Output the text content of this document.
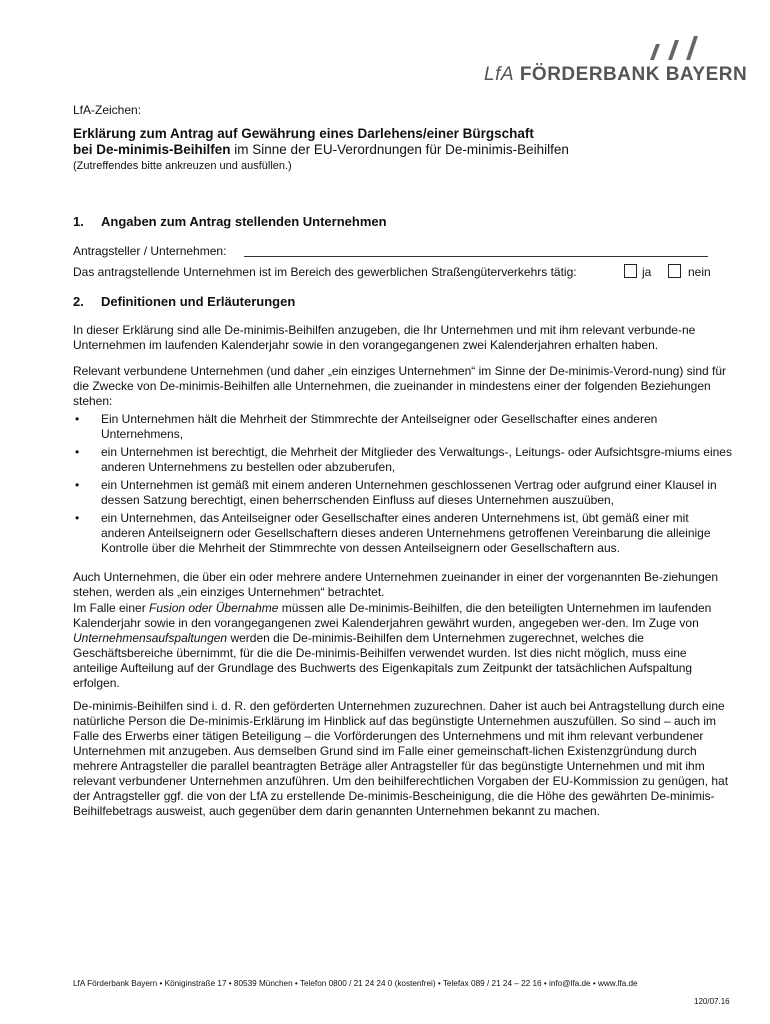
LfA FÖRDERBANK BAYERN
LfA-Zeichen:
Erklärung zum Antrag auf Gewährung eines Darlehens/einer Bürgschaft
bei De-minimis-Beihilfen im Sinne der EU-Verordnungen für De-minimis-Beihilfen
(Zutreffendes bitte ankreuzen und ausfüllen.)
1. Angaben zum Antrag stellenden Unternehmen
Antragsteller / Unternehmen:
Das antragstellende Unternehmen ist im Bereich des gewerblichen Straßengüterverkehrs tätig:	ja	nein
2. Definitionen und Erläuterungen

In dieser Erklärung sind alle De-minimis-Beihilfen anzugeben, die Ihr Unternehmen und mit ihm relevant verbunde-ne Unternehmen im laufenden Kalenderjahr sowie in den vorangegangenen zwei Kalenderjahren erhalten haben.

Relevant verbundene Unternehmen (und daher „ein einziges Unternehmen“ im Sinne der De-minimis-Verord-nung) sind für die Zwecke von De-minimis-Beihilfen alle Unternehmen, die zueinander in mindestens einer der folgenden Beziehungen stehen:

•	Ein Unternehmen hält die Mehrheit der Stimmrechte der Anteilseigner oder Gesellschafter eines anderen Unternehmens,
•	ein Unternehmen ist berechtigt, die Mehrheit der Mitglieder des Verwaltungs-, Leitungs- oder Aufsichtsgre-miums eines anderen Unternehmens zu bestellen oder abzuberufen,
•	ein Unternehmen ist gemäß mit einem anderen Unternehmen geschlossenen Vertrag oder aufgrund einer Klausel in dessen Satzung berechtigt, einen beherrschenden Einfluss auf dieses Unternehmen auszuüben,
•	ein Unternehmen, das Anteilseigner oder Gesellschafter eines anderen Unternehmens ist, übt gemäß einer mit anderen Anteilseignern oder Gesellschaftern dieses anderen Unternehmens getroffenen Vereinbarung die alleinige Kontrolle über die Mehrheit der Stimmrechte von dessen Anteilseignern oder Gesellschaftern aus.

Auch Unternehmen, die über ein oder mehrere andere Unternehmen zueinander in einer der vorgenannten Be-ziehungen stehen, werden als „ein einziges Unternehmen“ betrachtet.

Im Falle einer Fusion oder Übernahme müssen alle De-minimis-Beihilfen, die den beteiligten Unternehmen im laufenden Kalenderjahr sowie in den vorangegangenen zwei Kalenderjahren gewährt wurden, angegeben wer-den. Im Zuge von Unternehmensaufspaltungen werden die De-minimis-Beihilfen dem Unternehmen zugerechnet, welches die Geschäftsbereiche übernimmt, für die die De-minimis-Beihilfen verwendet wurden. Ist dies nicht möglich, muss eine anteilige Aufteilung auf der Grundlage des Buchwerts des Eigenkapitals zum Zeitpunkt der tatsächlichen Aufspaltung erfolgen.

De-minimis-Beihilfen sind i. d. R. den geförderten Unternehmen zuzurechnen. Daher ist auch bei Antragstellung durch eine natürliche Person die De-minimis-Erklärung im Hinblick auf das begünstigte Unternehmen auszufüllen. So sind – auch im Falle des Erwerbs einer tätigen Beteiligung – die Vorförderungen des Unternehmens und mit ihm relevant verbundener Unternehmen mit anzugeben. Aus demselben Grund sind im Falle einer gemeinschaft-lichen Existenzgründung durch mehrere Antragsteller die parallel beantragten Beträge aller Antragsteller für das begünstigte Unternehmen und mit ihm relevant verbundener Unternehmen anzuführen. Um den beihilferechtlichen Vorgaben der EU-Kommission zu genügen, hat der Antragsteller ggf. die von der LfA zu erstellende De-minimis-Bescheinigung, die die Höhe des gewährten De-minimis-Beihilfebetrags ausweist, auch gegenüber dem darin genannten Unternehmen bekannt zu machen.

LfA Förderbank Bayern • Königinstraße 17 • 80539 München • Telefon 0800 / 21 24 24 0 (kostenfrei) • Telefax 089 / 21 24 – 22 16 • info@lfa.de • www.lfa.de
120/07.16
